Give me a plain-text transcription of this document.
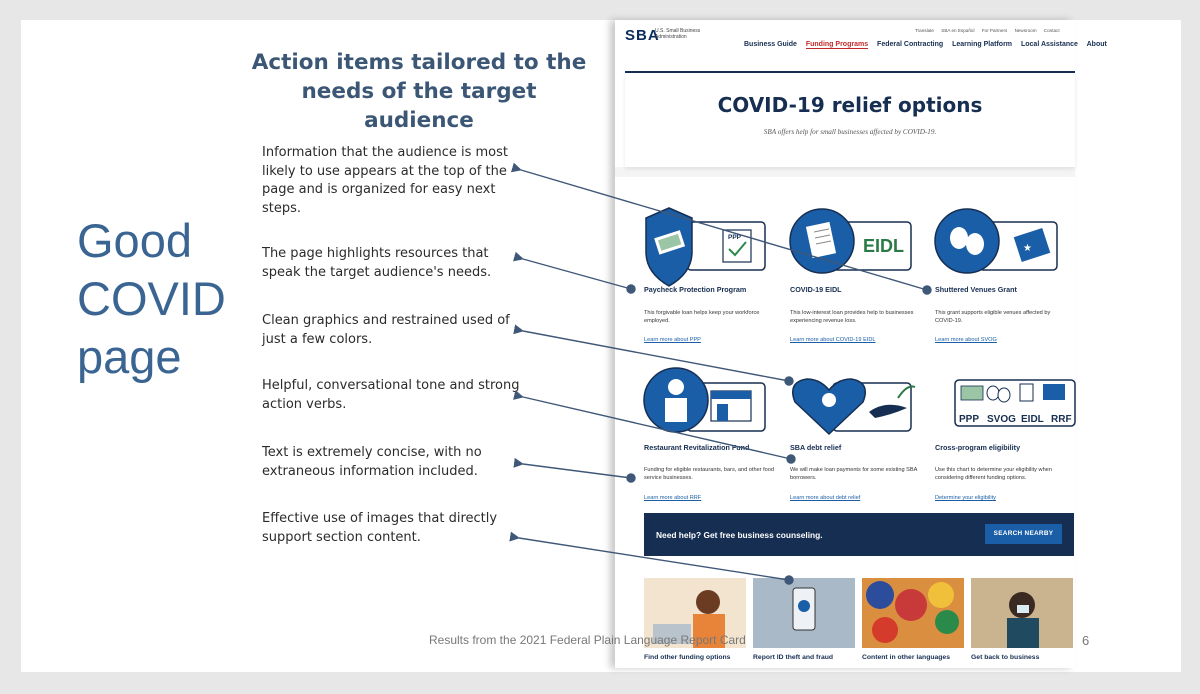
Good
COVID
page
Action items tailored to the needs of the target audience
Information that the audience is most likely to use appears at the top of the page and is organized for easy next steps.
The page highlights resources that speak the target audience's needs.
Clean graphics and restrained used of just a few colors.
Helpful, conversational tone and strong action verbs.
Text is extremely concise, with no extraneous information included.
Effective use of images that directly support section content.
SBA
U.S. Small Business Administration
Translate SBA en Español For Partners Newsroom Contact
Business Guide Funding Programs Federal Contracting Learning Platform Local Assistance About
COVID-19 relief options
SBA offers help for small businesses affected by COVID-19.
PPP	EIDL	★
PPP SVOG EIDL RRF
Paycheck Protection Program
This forgivable loan helps keep your workforce employed.
Learn more about PPP
COVID-19 EIDL
This low-interest loan provides help to businesses experiencing revenue loss.
Learn more about COVID-19 EIDL
Shuttered Venues Grant
This grant supports eligible venues affected by COVID-19.
Learn more about SVOG
Restaurant Revitalization Fund
Funding for eligible restaurants, bars, and other food service businesses.
Learn more about RRF
SBA debt relief
We will make loan payments for some existing SBA borrowers.
Learn more about debt relief
Cross-program eligibility
Use this chart to determine your eligibility when considering different funding options.
Determine your eligibility
Need help? Get free business counseling.	SEARCH NEARBY
Find other funding options	Report ID theft and fraud	Content in other languages	Get back to business
Results from the 2021 Federal Plain Language Report Card	6
